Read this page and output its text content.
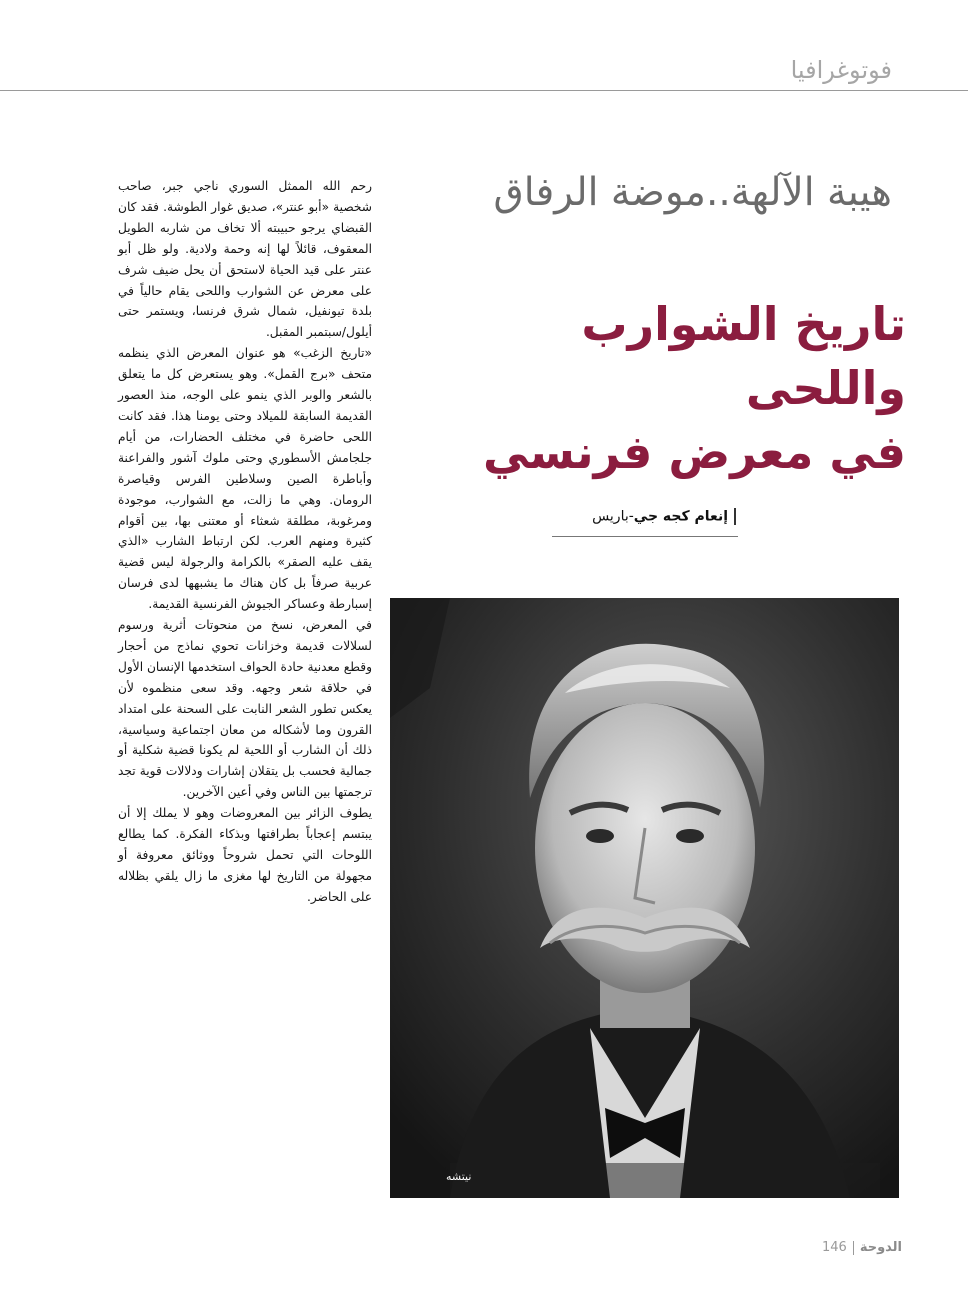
فوتوغرافيا
هيبة الآلهة..موضة الرفاق
تاريخ الشوارب واللحى
في معرض فرنسي
إنعام كجه جي-باريس

رحم الله الممثل السوري ناجي جبر، صاحب شخصية «أبو عنتر»، صديق غوار الطوشة. فقد كان القبضاي يرجو حبيبته ألا تخاف من شاربه الطويل المعقوف، قائلاً لها إنه وحمة ولادية. ولو ظل أبو عنتر على قيد الحياة لاستحق أن يحل ضيف شرف على معرض عن الشوارب واللحى يقام حالياً في بلدة تيونفيل، شمال شرق فرنسا، ويستمر حتى أيلول/سبتمبر المقبل.

«تاريخ الزغب» هو عنوان المعرض الذي ينظمه متحف «برج القمل». وهو يستعرض كل ما يتعلق بالشعر والوبر الذي ينمو على الوجه، منذ العصور القديمة السابقة للميلاد وحتى يومنا هذا. فقد كانت اللحى حاضرة في مختلف الحضارات، من أيام جلجامش الأسطوري وحتى ملوك آشور والفراعنة وأباطرة الصين وسلاطين الفرس وقياصرة الرومان. وهي ما زالت، مع الشوارب، موجودة ومرغوبة، مطلقة شعثاء أو معتنى بها، بين أقوام كثيرة ومنهم العرب. لكن ارتباط الشارب «الذي يقف عليه الصقر» بالكرامة والرجولة ليس قضية عربية صرفاً بل كان هناك ما يشبهها لدى فرسان إسبارطة وعساكر الجيوش الفرنسية القديمة.

في المعرض، نسخ من منحوتات أثرية ورسوم لسلالات قديمة وخزانات تحوي نماذج من أحجار وقطع معدنية حادة الحواف استخدمها الإنسان الأول في حلاقة شعر وجهه. وقد سعى منظموه لأن يعكس تطور الشعر النابت على السحنة على امتداد القرون وما لأشكاله من معان اجتماعية وسياسية، ذلك أن الشارب أو اللحية لم يكونا قضية شكلية أو جمالية فحسب بل يتقلان إشارات ودلالات قوية تجد ترجمتها بين الناس وفي أعين الآخرين.

يطوف الزائر بين المعروضات وهو لا يملك إلا أن يبتسم إعجاباً بطرافتها وبذكاء الفكرة. كما يطالع اللوحات التي تحمل شروحاً ووثائق معروفة أو مجهولة من التاريخ لها مغزى ما زال يلقي بظلاله على الحاضر.

نيتشه
الدوحة146
